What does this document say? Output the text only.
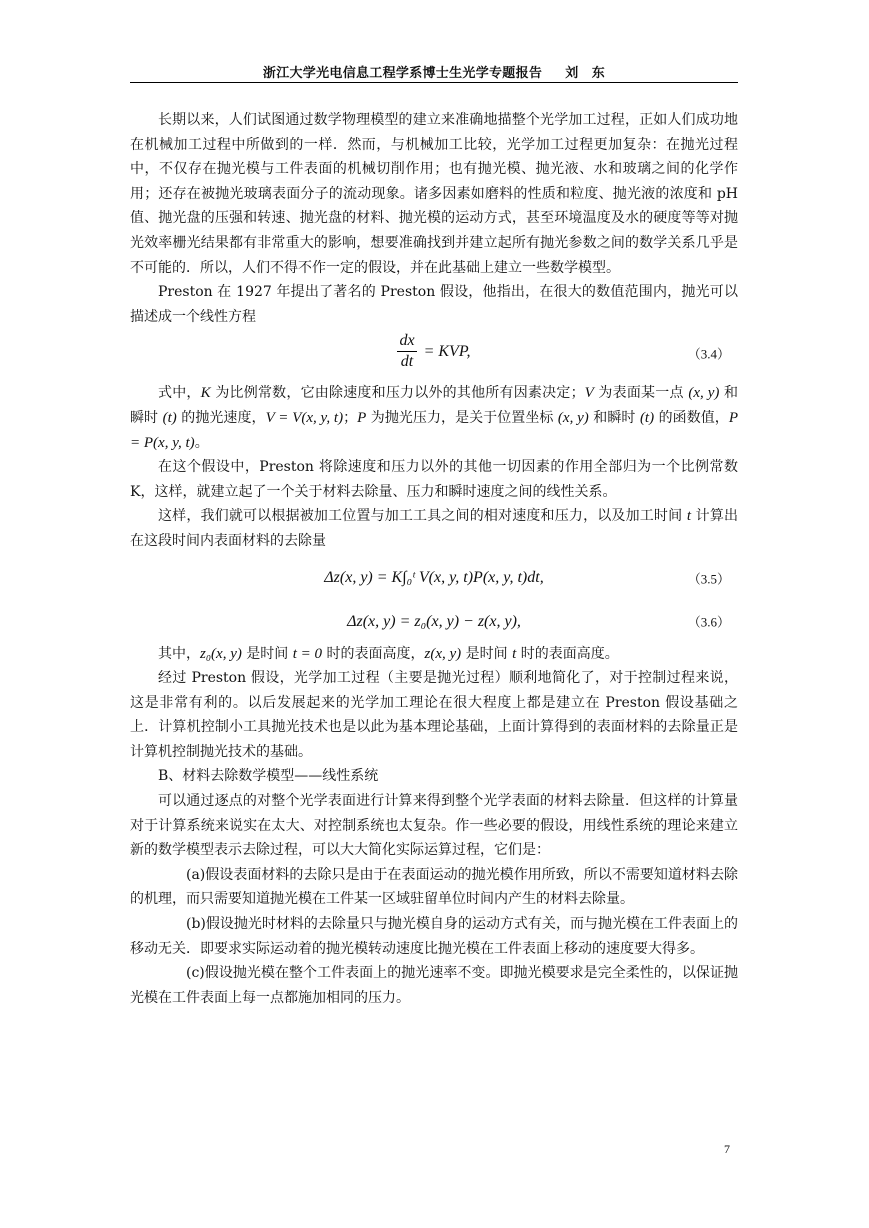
浙江大学光电信息工程学系博士生光学专题报告 　 刘　东

长期以来，人们试图通过数学物理模型的建立来准确地描整个光学加工过程，正如人们成功地在机械加工过程中所做到的一样．然而，与机械加工比较，光学加工过程更加复杂：在抛光过程中，不仅存在抛光模与工件表面的机械切削作用；也有抛光模、抛光液、水和玻璃之间的化学作用；还存在被抛光玻璃表面分子的流动现象。诸多因素如磨料的性质和粒度、抛光液的浓度和 pH 值、抛光盘的压强和转速、抛光盘的材料、抛光模的运动方式，甚至环境温度及水的硬度等等对抛光效率栅光结果都有非常重大的影响，想要准确找到并建立起所有抛光参数之间的数学关系几乎是不可能的．所以，人们不得不作一定的假设，并在此基础上建立一些数学模型。

Preston 在 1927 年提出了著名的 Preston 假设，他指出，在很大的数值范围内，抛光可以描述成一个线性方程

$\frac{dx}{dt}$ = KVP,	（3.4）

式中，K 为比例常数，它由除速度和压力以外的其他所有因素决定；V 为表面某一点 (x, y) 和瞬时 (t) 的抛光速度，V = V(x, y, t)；P 为抛光压力，是关于位置坐标 (x, y) 和瞬时 (t) 的函数值，P = P(x, y, t)。

在这个假设中，Preston 将除速度和压力以外的其他一切因素的作用全部归为一个比例常数 K，这样，就建立起了一个关于材料去除量、压力和瞬时速度之间的线性关系。

这样，我们就可以根据被加工位置与加工工具之间的相对速度和压力，以及加工时间 t 计算出在这段时间内表面材料的去除量

Δz(x, y) = K∫₀ᵗ V(x, y, t)P(x, y, t)dt,	（3.5）
Δz(x, y) = z₀(x, y) − z(x, y),	（3.6）

其中，z₀(x, y) 是时间 t = 0 时的表面高度，z(x, y) 是时间 t 时的表面高度。

经过 Preston 假设，光学加工过程（主要是抛光过程）顺利地简化了，对于控制过程来说，这是非常有利的。以后发展起来的光学加工理论在很大程度上都是建立在 Preston 假设基础之上．计算机控制小工具抛光技术也是以此为基本理论基础，上面计算得到的表面材料的去除量正是计算机控制抛光技术的基础。

B、材料去除数学模型——线性系统

可以通过逐点的对整个光学表面进行计算来得到整个光学表面的材料去除量．但这样的计算量对于计算系统来说实在太大、对控制系统也太复杂。作一些必要的假设，用线性系统的理论来建立新的数学模型表示去除过程，可以大大简化实际运算过程，它们是：

(a)假设表面材料的去除只是由于在表面运动的抛光模作用所致，所以不需要知道材料去除的机理，而只需要知道抛光模在工件某一区域驻留单位时间内产生的材料去除量。

(b)假设抛光时材料的去除量只与抛光模自身的运动方式有关，而与抛光模在工件表面上的移动无关．即要求实际运动着的抛光模转动速度比抛光模在工件表面上移动的速度要大得多。

(c)假设抛光模在整个工件表面上的抛光速率不变。即抛光模要求是完全柔性的，以保证抛光模在工件表面上每一点都施加相同的压力。

7
